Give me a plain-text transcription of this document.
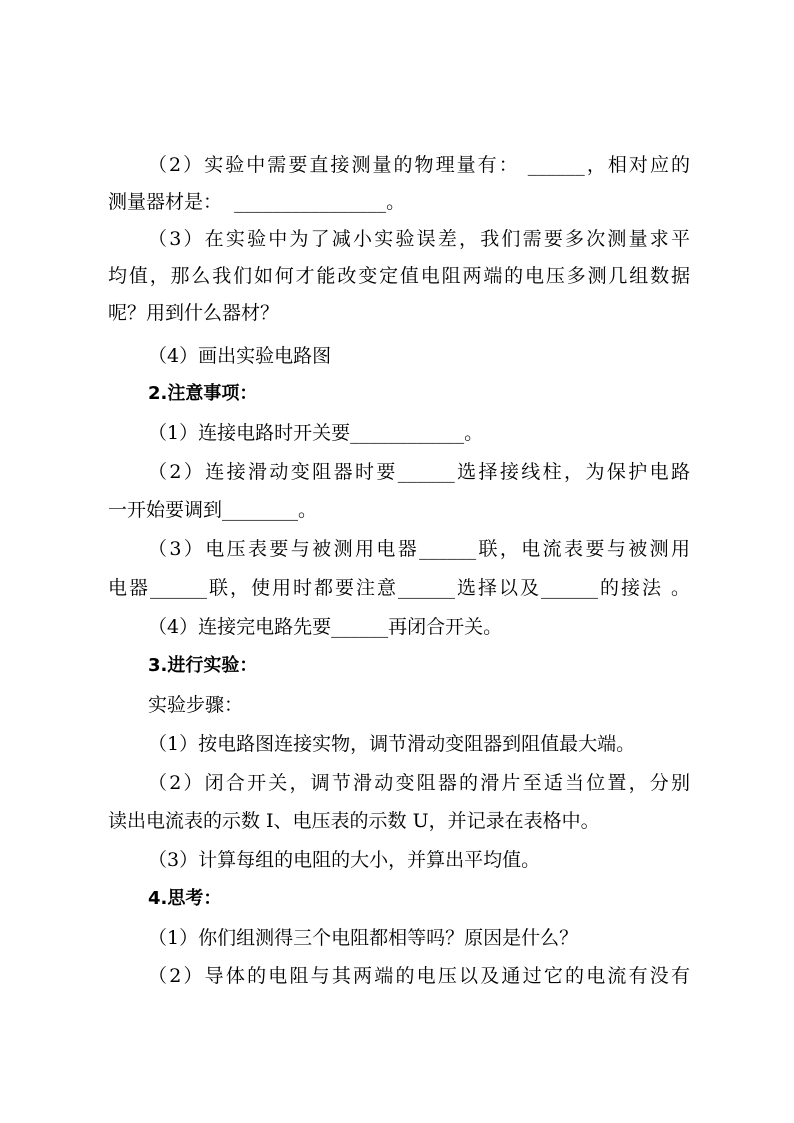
（2）实验中需要直接测量的物理量有： ______，相对应的
测量器材是：  ________________。
（3）在实验中为了减小实验误差，我们需要多次测量求平
均值，那么我们如何才能改变定值电阻两端的电压多测几组数据
呢？用到什么器材？
（4）画出实验电路图
2.注意事项：
（1）连接电路时开关要____________。
（2）连接滑动变阻器时要______选择接线柱，为保护电路
一开始要调到________。
（3）电压表要与被测用电器______联，电流表要与被测用
电器______联，使用时都要注意______选择以及______的接法 。
（4）连接完电路先要______再闭合开关。
3.进行实验：
实验步骤：
（1）按电路图连接实物，调节滑动变阻器到阻值最大端。
（2）闭合开关，调节滑动变阻器的滑片至适当位置，分别
读出电流表的示数 I、电压表的示数 U，并记录在表格中。
（3）计算每组的电阻的大小，并算出平均值。
4.思考：
（1）你们组测得三个电阻都相等吗？原因是什么？
（2）导体的电阻与其两端的电压以及通过它的电流有没有
